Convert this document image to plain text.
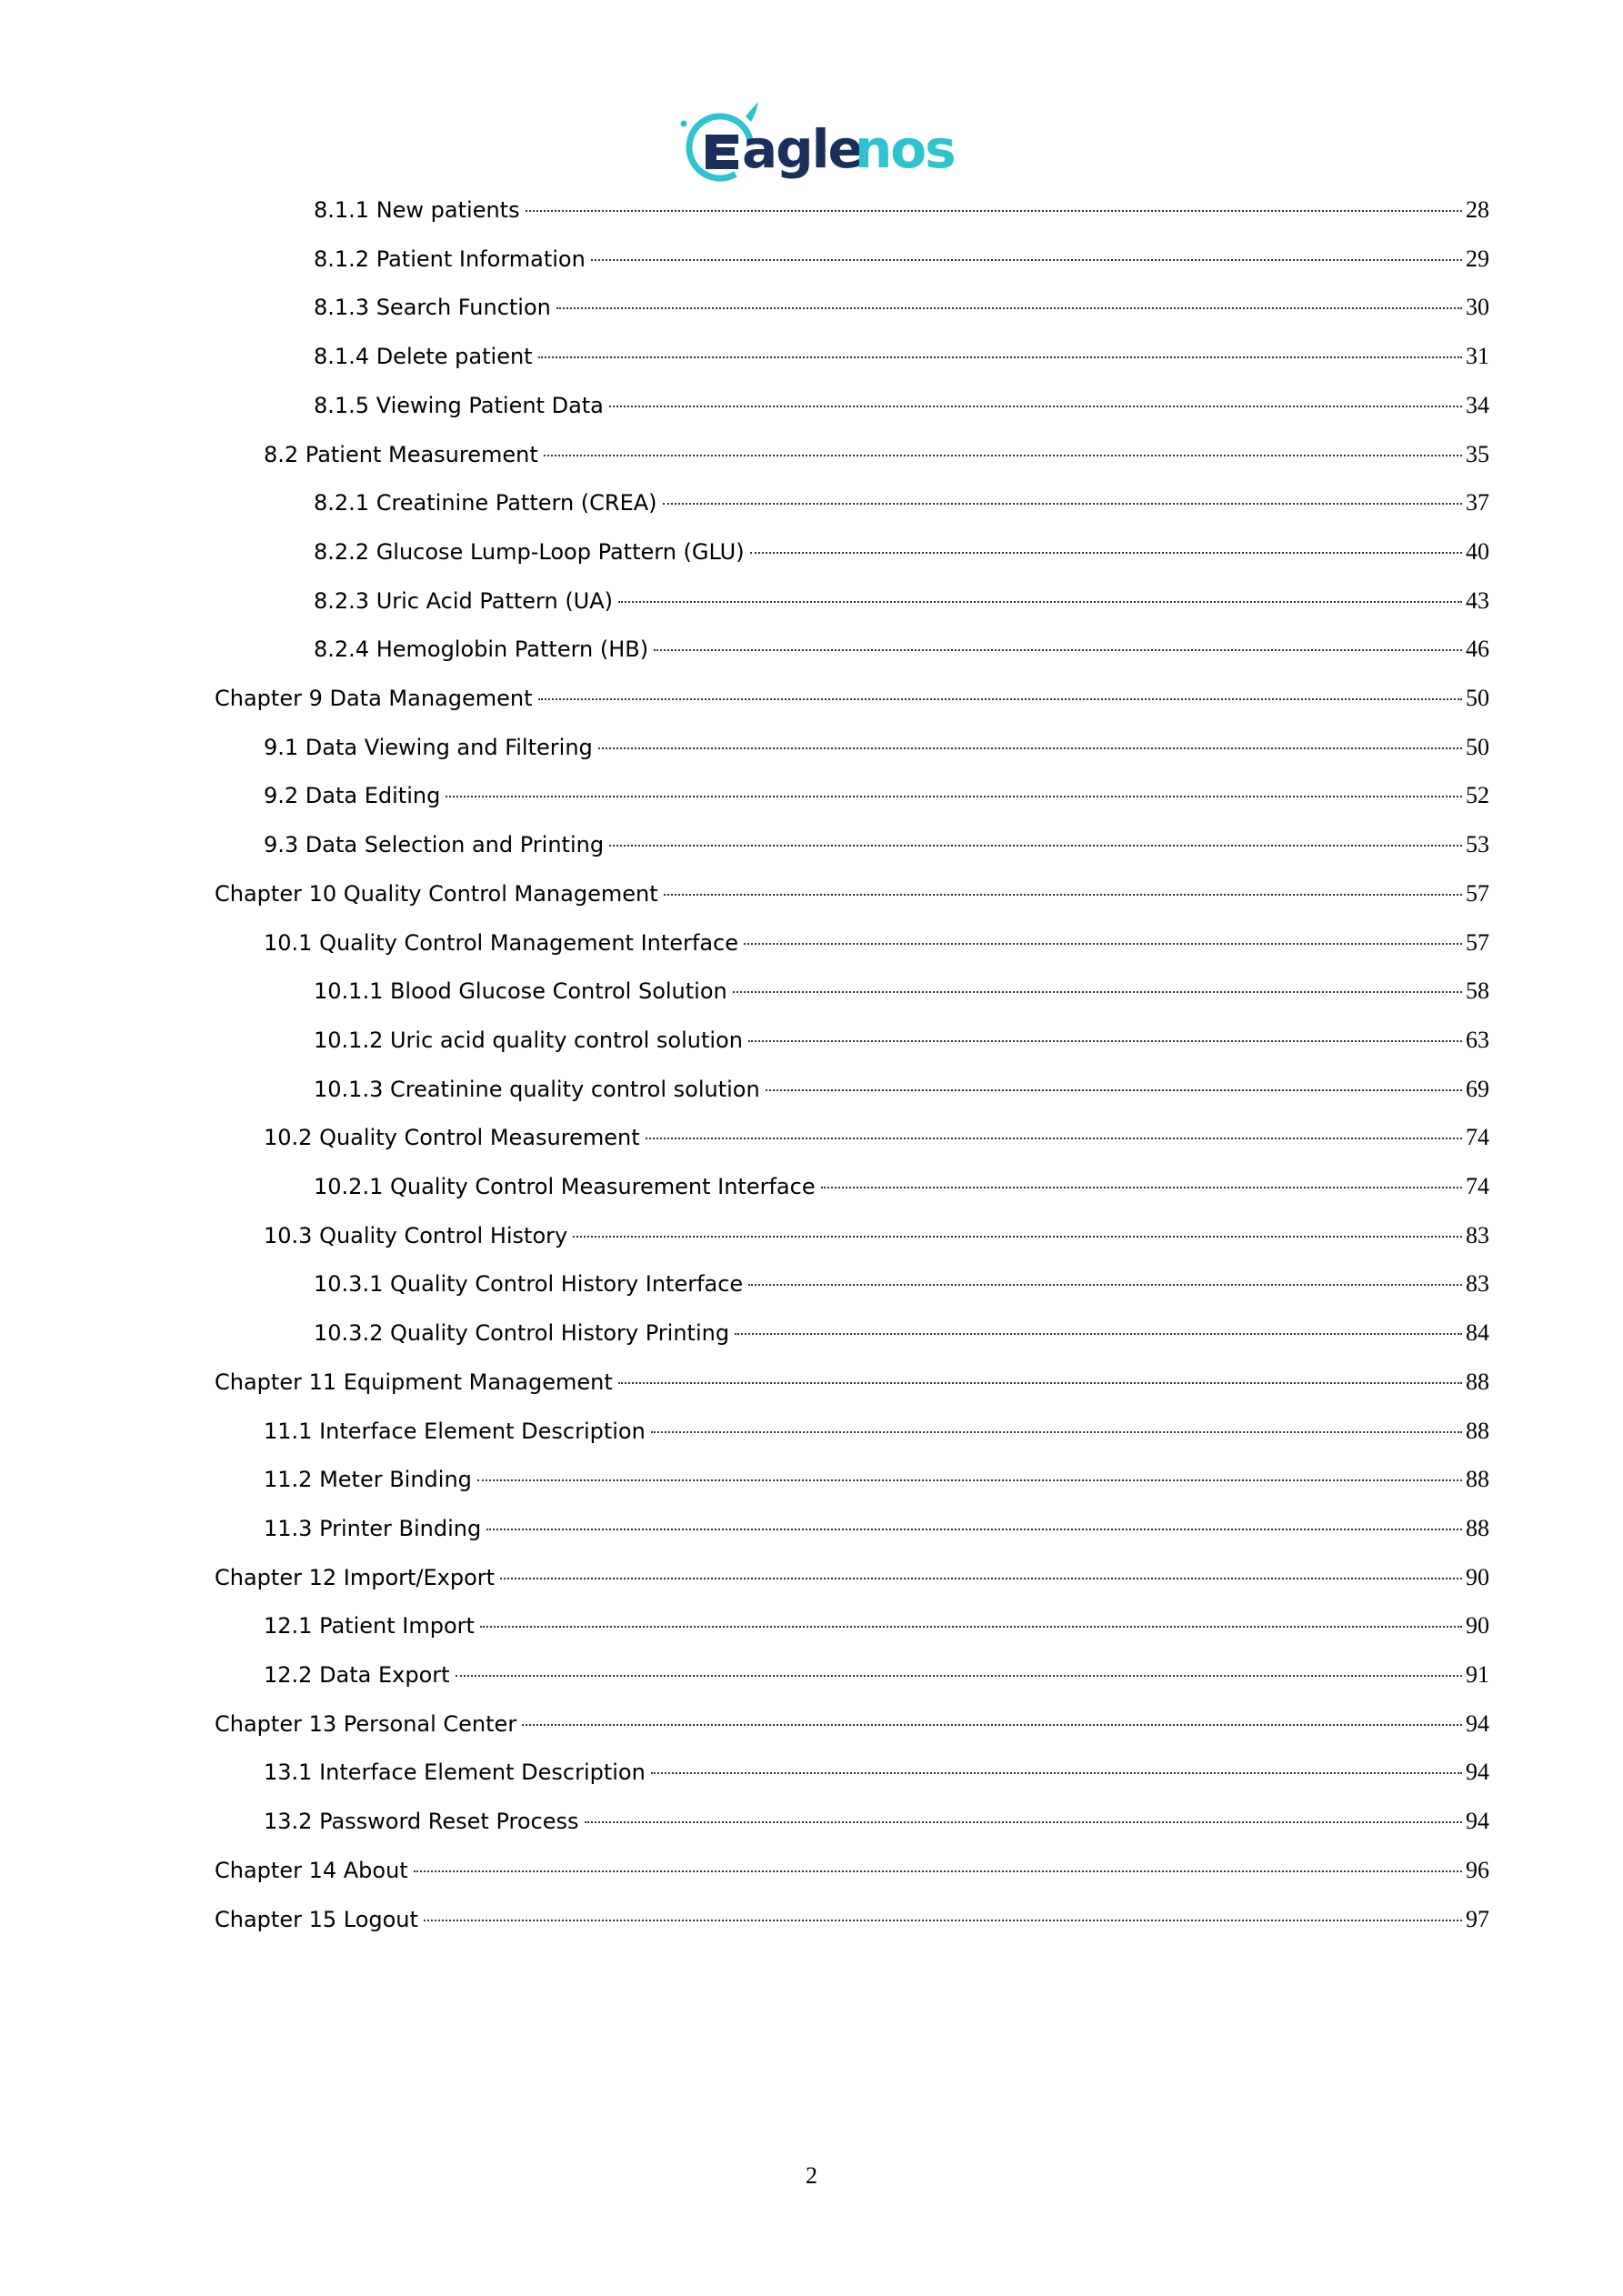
agle
nos
8.1.1 New patients	28
8.1.2 Patient Information	29
8.1.3 Search Function	30
8.1.4 Delete patient	31
8.1.5 Viewing Patient Data	34
8.2 Patient Measurement	35
8.2.1 Creatinine Pattern (CREA)	37
8.2.2 Glucose Lump-Loop Pattern (GLU)	40
8.2.3 Uric Acid Pattern (UA)	43
8.2.4 Hemoglobin Pattern (HB)	46
Chapter 9 Data Management	50
9.1 Data Viewing and Filtering	50
9.2 Data Editing	52
9.3 Data Selection and Printing	53
Chapter 10 Quality Control Management	57
10.1 Quality Control Management Interface	57
10.1.1 Blood Glucose Control Solution	58
10.1.2 Uric acid quality control solution	63
10.1.3 Creatinine quality control solution	69
10.2 Quality Control Measurement	74
10.2.1 Quality Control Measurement Interface	74
10.3 Quality Control History	83
10.3.1 Quality Control History Interface	83
10.3.2 Quality Control History Printing	84
Chapter 11 Equipment Management	88
11.1 Interface Element Description	88
11.2 Meter Binding	88
11.3 Printer Binding	88
Chapter 12 Import/Export	90
12.1 Patient Import	90
12.2 Data Export	91
Chapter 13 Personal Center	94
13.1 Interface Element Description	94
13.2 Password Reset Process	94
Chapter 14 About	96
Chapter 15 Logout	97
2
